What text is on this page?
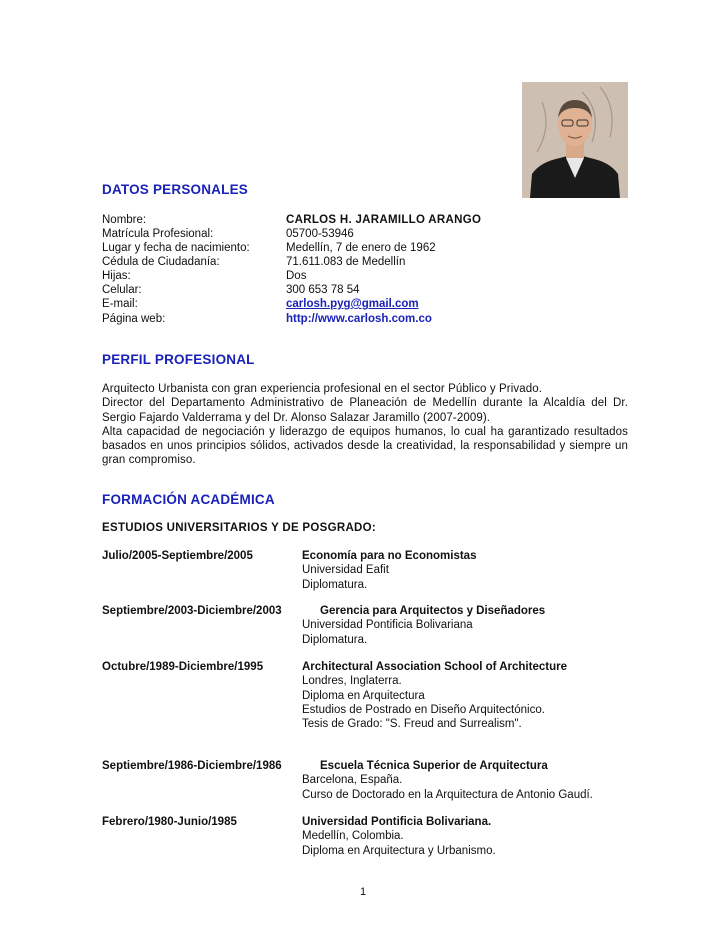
DATOS PERSONALES
Nombre:	CARLOS H. JARAMILLO ARANGO
Matrícula Profesional:	05700-53946
Lugar y fecha de nacimiento:	Medellín, 7 de enero de 1962
Cédula de Ciudadanía:	71.611.083 de Medellín
Hijas:	Dos
Celular:	300 653 78 54
E-mail:	carlosh.pyg@gmail.com
Página web:	http://www.carlosh.com.co
PERFIL PROFESIONAL

Arquitecto Urbanista con gran experiencia profesional en el sector Público y Privado.

Director del Departamento Administrativo de Planeación de Medellín durante la Alcaldía del Dr. Sergio Fajardo Valderrama y del Dr. Alonso Salazar Jaramillo (2007-2009).

Alta capacidad de negociación y liderazgo de equipos humanos, lo cual ha garantizado resultados basados en unos principios sólidos, activados desde la creatividad, la responsabilidad y siempre un gran compromiso.

FORMACIÓN ACADÉMICA
ESTUDIOS UNIVERSITARIOS Y DE POSGRADO:
Julio/2005-Septiembre/2005	Economía para no Economistas
Universidad Eafit
Diplomatura.
Septiembre/2003-Diciembre/2003	Gerencia para Arquitectos y Diseñadores
Universidad Pontificia Bolivariana
Diplomatura.
Octubre/1989-Diciembre/1995	Architectural Association School of Architecture
Londres, Inglaterra.
Diploma en Arquitectura
Estudios de Postrado en Diseño Arquitectónico.
Tesis de Grado: "S. Freud and Surrealism".
Septiembre/1986-Diciembre/1986	Escuela Técnica Superior de Arquitectura
Barcelona, España.
Curso de Doctorado en la Arquitectura de Antonio Gaudí.
Febrero/1980-Junio/1985	Universidad Pontificia Bolivariana.
Medellín, Colombia.
Diploma en Arquitectura y Urbanismo.
1
